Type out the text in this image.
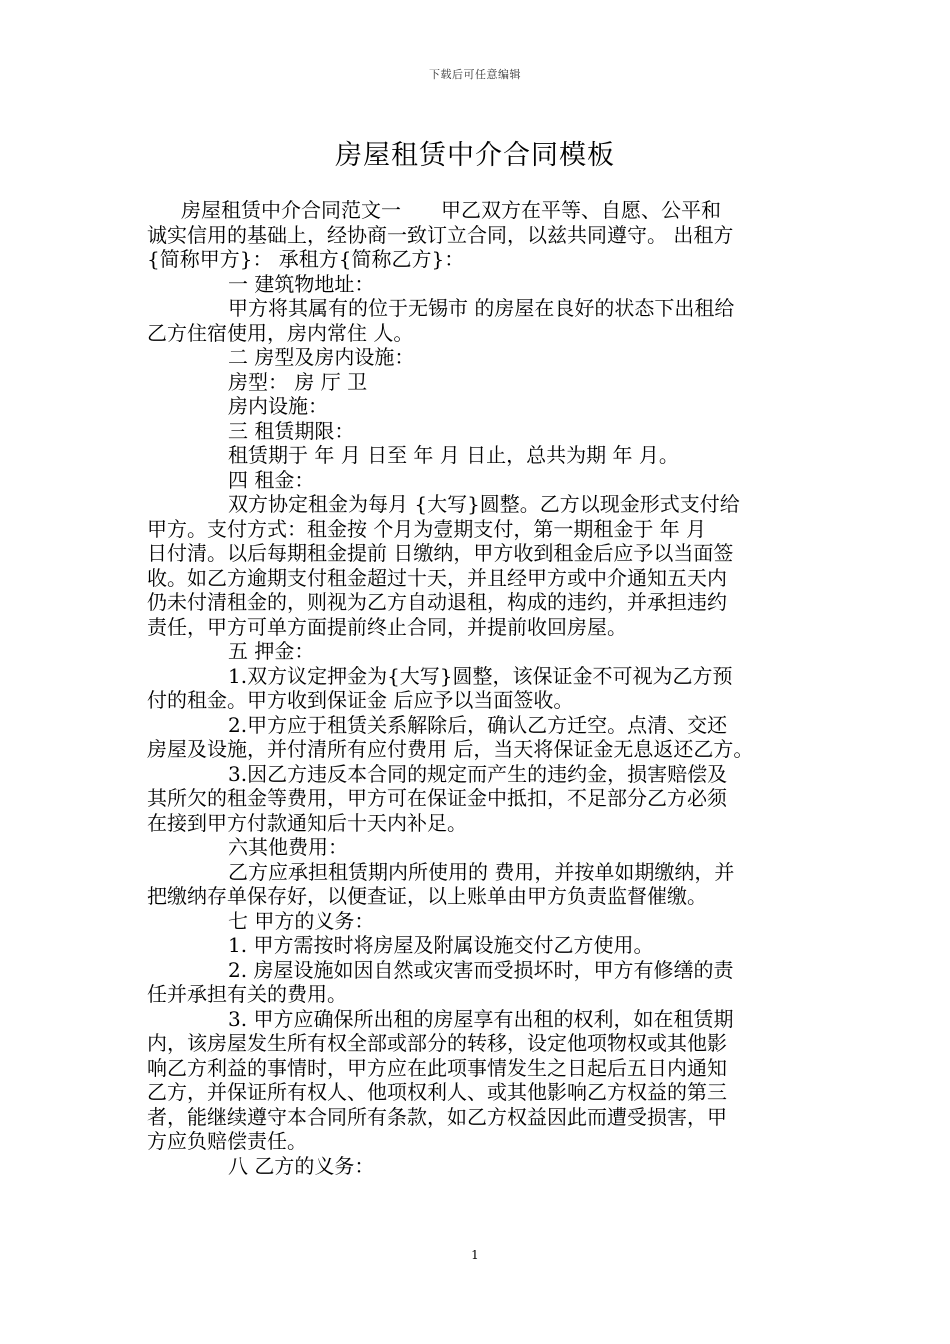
下载后可任意编辑
房屋租赁中介合同模板
房屋租赁中介合同范文一　　甲乙双方在平等、自愿、公平和
诚实信用的基础上，经协商一致订立合同，以兹共同遵守。 出租方
{简称甲方}： 承租方{简称乙方}：
一 建筑物地址：
甲方将其属有的位于无锡市 的房屋在良好的状态下出租给
乙方住宿使用，房内常住 人。
二 房型及房内设施：
房型： 房 厅 卫
房内设施：
三 租赁期限：
租赁期于 年 月 日至 年 月 日止，总共为期 年 月。
四 租金：
双方协定租金为每月 {大写}圆整。乙方以现金形式支付给
甲方。支付方式：租金按 个月为壹期支付，第一期租金于 年 月
日付清。以后每期租金提前 日缴纳，甲方收到租金后应予以当面签
收。如乙方逾期支付租金超过十天，并且经甲方或中介通知五天内
仍未付清租金的，则视为乙方自动退租，构成的违约，并承担违约
责任，甲方可单方面提前终止合同，并提前收回房屋。
五 押金：
1.双方议定押金为{大写}圆整，该保证金不可视为乙方预
付的租金。甲方收到保证金 后应予以当面签收。
2.甲方应于租赁关系解除后，确认乙方迁空。点清、交还
房屋及设施，并付清所有应付费用 后，当天将保证金无息返还乙方。
3.因乙方违反本合同的规定而产生的违约金，损害赔偿及
其所欠的租金等费用，甲方可在保证金中抵扣，不足部分乙方必须
在接到甲方付款通知后十天内补足。
六其他费用：
乙方应承担租赁期内所使用的 费用，并按单如期缴纳，并
把缴纳存单保存好，以便查证，以上账单由甲方负责监督催缴。
七 甲方的义务：
1. 甲方需按时将房屋及附属设施交付乙方使用。
2. 房屋设施如因自然或灾害而受损坏时，甲方有修缮的责
任并承担有关的费用。
3. 甲方应确保所出租的房屋享有出租的权利，如在租赁期
内，该房屋发生所有权全部或部分的转移，设定他项物权或其他影
响乙方利益的事情时，甲方应在此项事情发生之日起后五日内通知
乙方，并保证所有权人、他项权利人、或其他影响乙方权益的第三
者，能继续遵守本合同所有条款，如乙方权益因此而遭受损害，甲
方应负赔偿责任。
八 乙方的义务：
1
